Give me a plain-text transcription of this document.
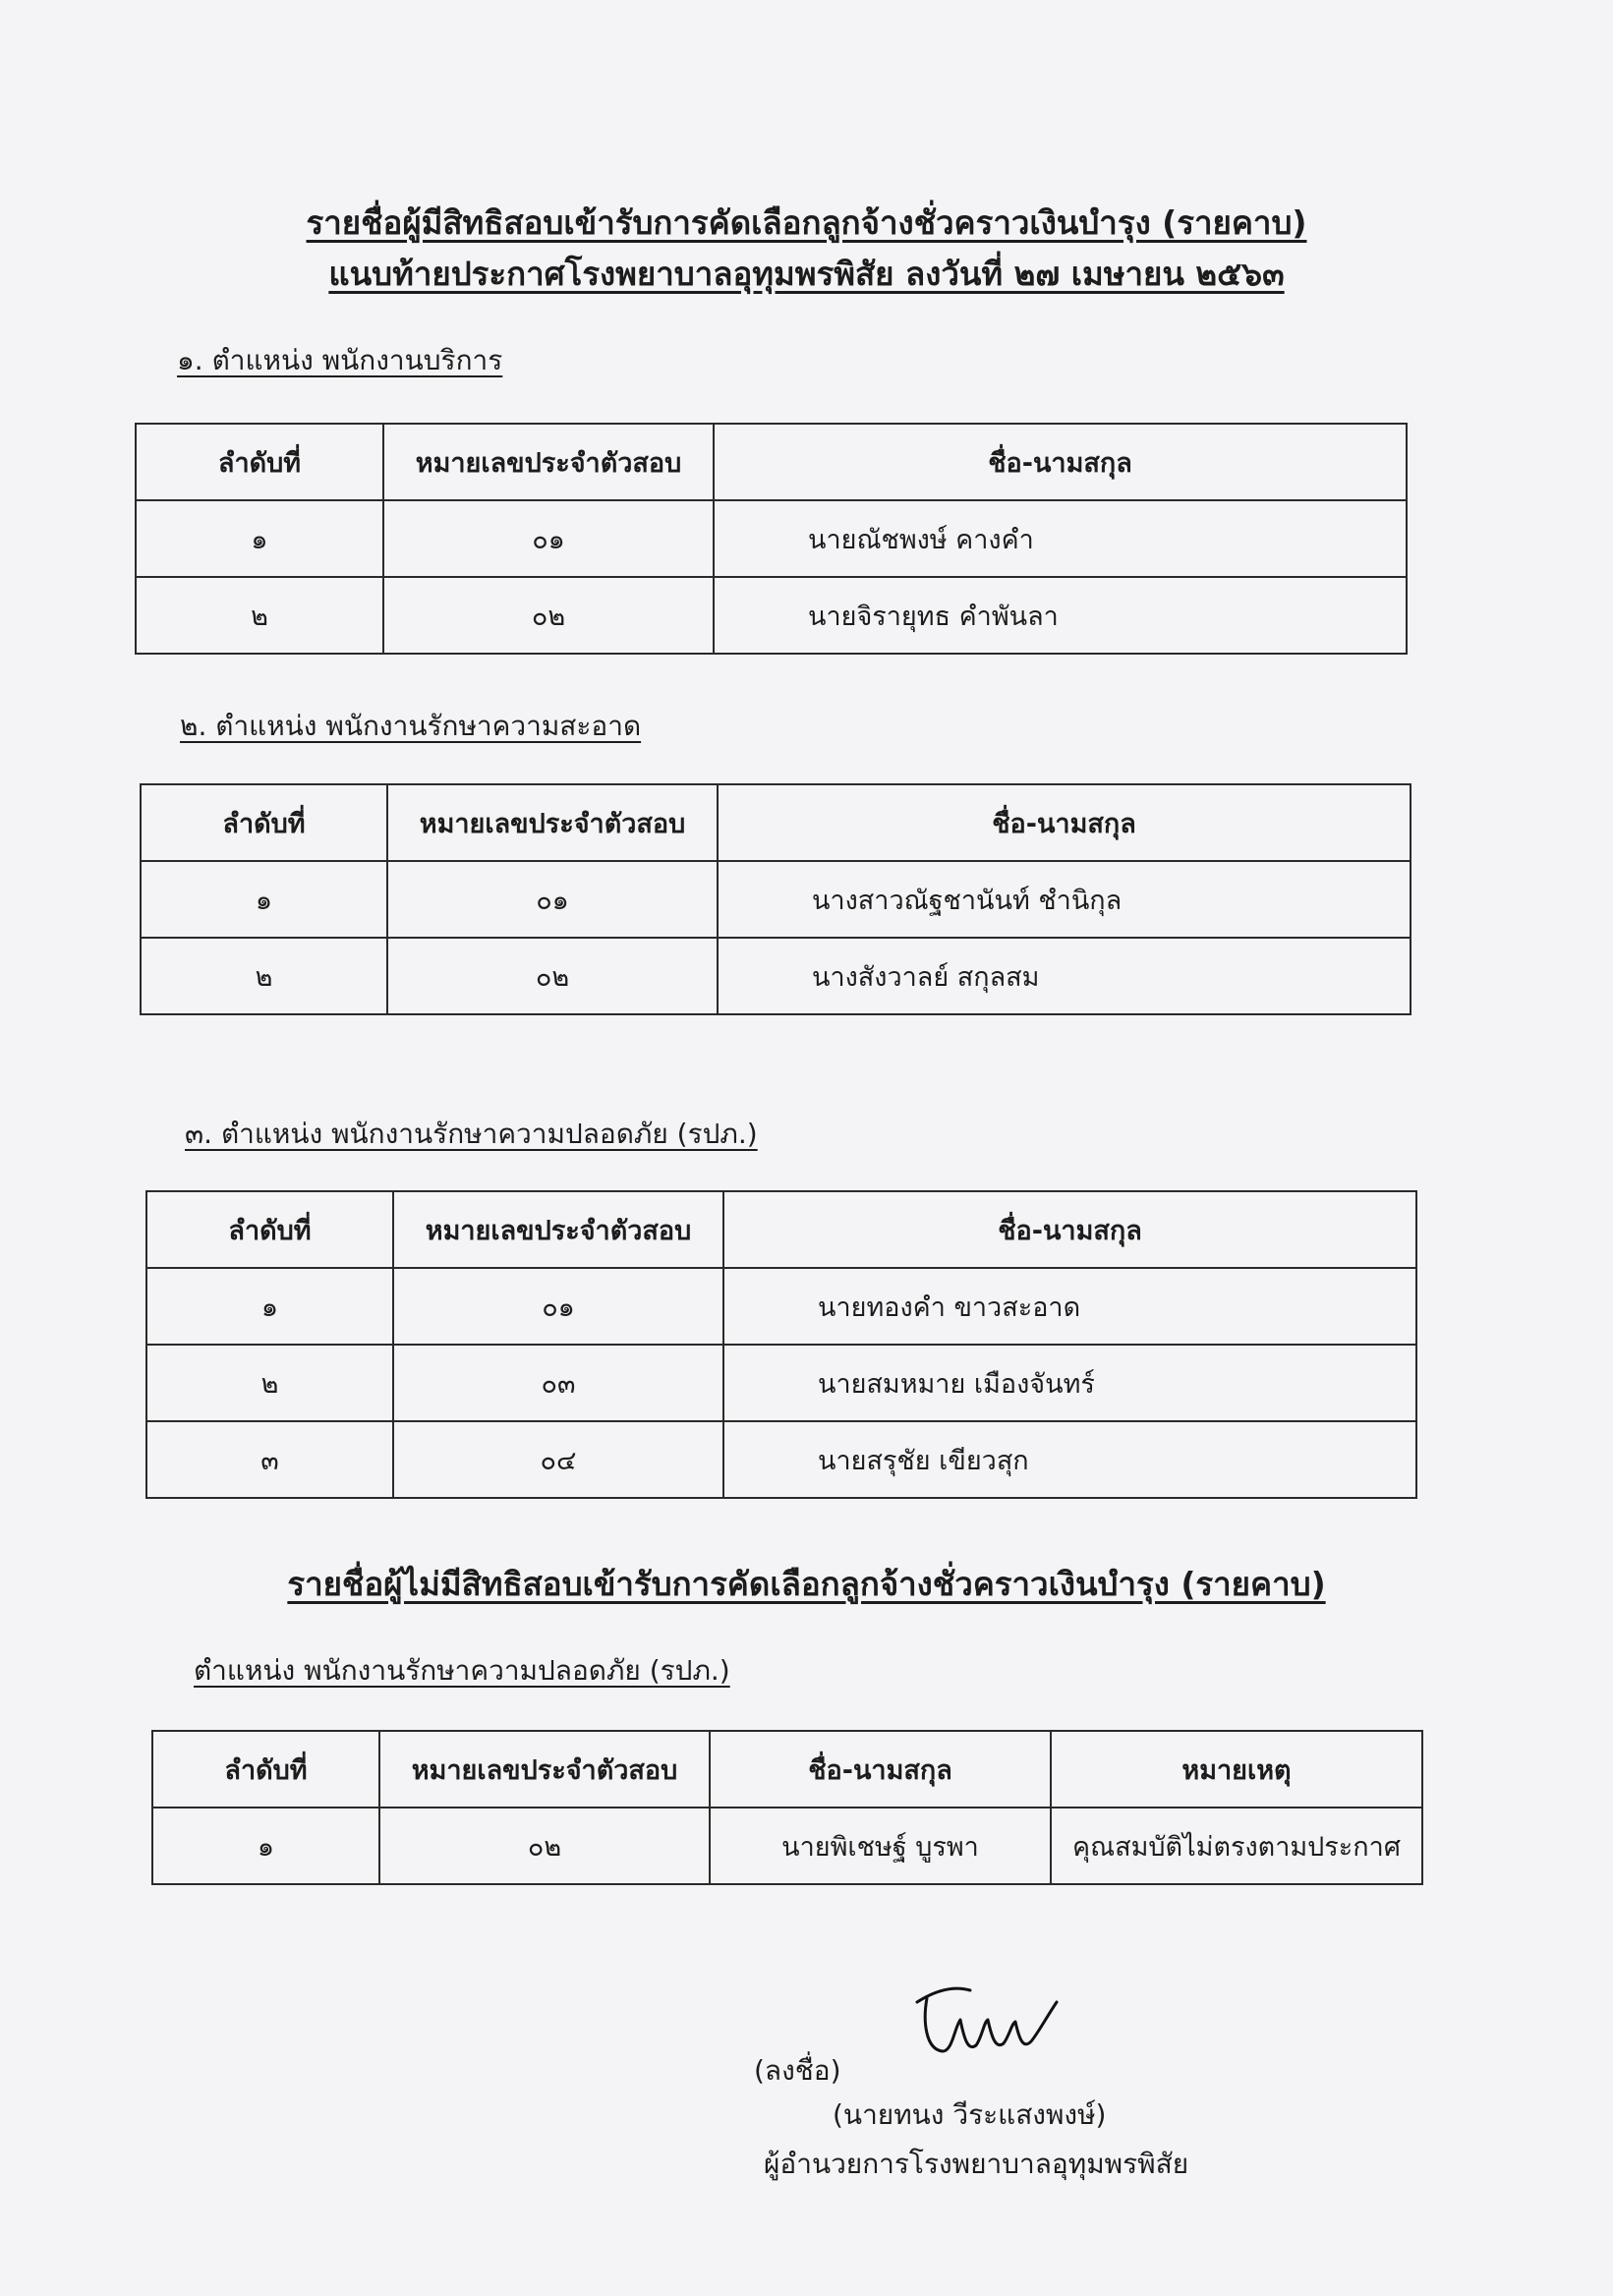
รายชื่อผู้มีสิทธิสอบเข้ารับการคัดเลือกลูกจ้างชั่วคราวเงินบำรุง (รายคาบ)
แนบท้ายประกาศโรงพยาบาลอุทุมพรพิสัย ลงวันที่ ๒๗ เมษายน ๒๕๖๓

๑. ตำแหน่ง พนักงานบริการ

ลำดับที่	หมายเลขประจำตัวสอบ	ชื่อ-นามสกุล
๑	๐๑	นายณัชพงษ์ คางคำ
๒	๐๒	นายจิรายุทธ คำพันลา

๒. ตำแหน่ง พนักงานรักษาความสะอาด

ลำดับที่	หมายเลขประจำตัวสอบ	ชื่อ-นามสกุล
๑	๐๑	นางสาวณัฐชานันท์ ชำนิกุล
๒	๐๒	นางสังวาลย์ สกุลสม

๓. ตำแหน่ง พนักงานรักษาความปลอดภัย (รปภ.)

ลำดับที่	หมายเลขประจำตัวสอบ	ชื่อ-นามสกุล
๑	๐๑	นายทองคำ ขาวสะอาด
๒	๐๓	นายสมหมาย เมืองจันทร์
๓	๐๔	นายสรุชัย เขียวสุก
รายชื่อผู้ไม่มีสิทธิสอบเข้ารับการคัดเลือกลูกจ้างชั่วคราวเงินบำรุง (รายคาบ)

ตำแหน่ง พนักงานรักษาความปลอดภัย (รปภ.)

ลำดับที่	หมายเลขประจำตัวสอบ	ชื่อ-นามสกุล	หมายเหตุ
๑	๐๒	นายพิเชษฐ์ บูรพา	คุณสมบัติไม่ตรงตามประกาศ
(ลงชื่อ)
(นายทนง วีระแสงพงษ์)
ผู้อำนวยการโรงพยาบาลอุทุมพรพิสัย
